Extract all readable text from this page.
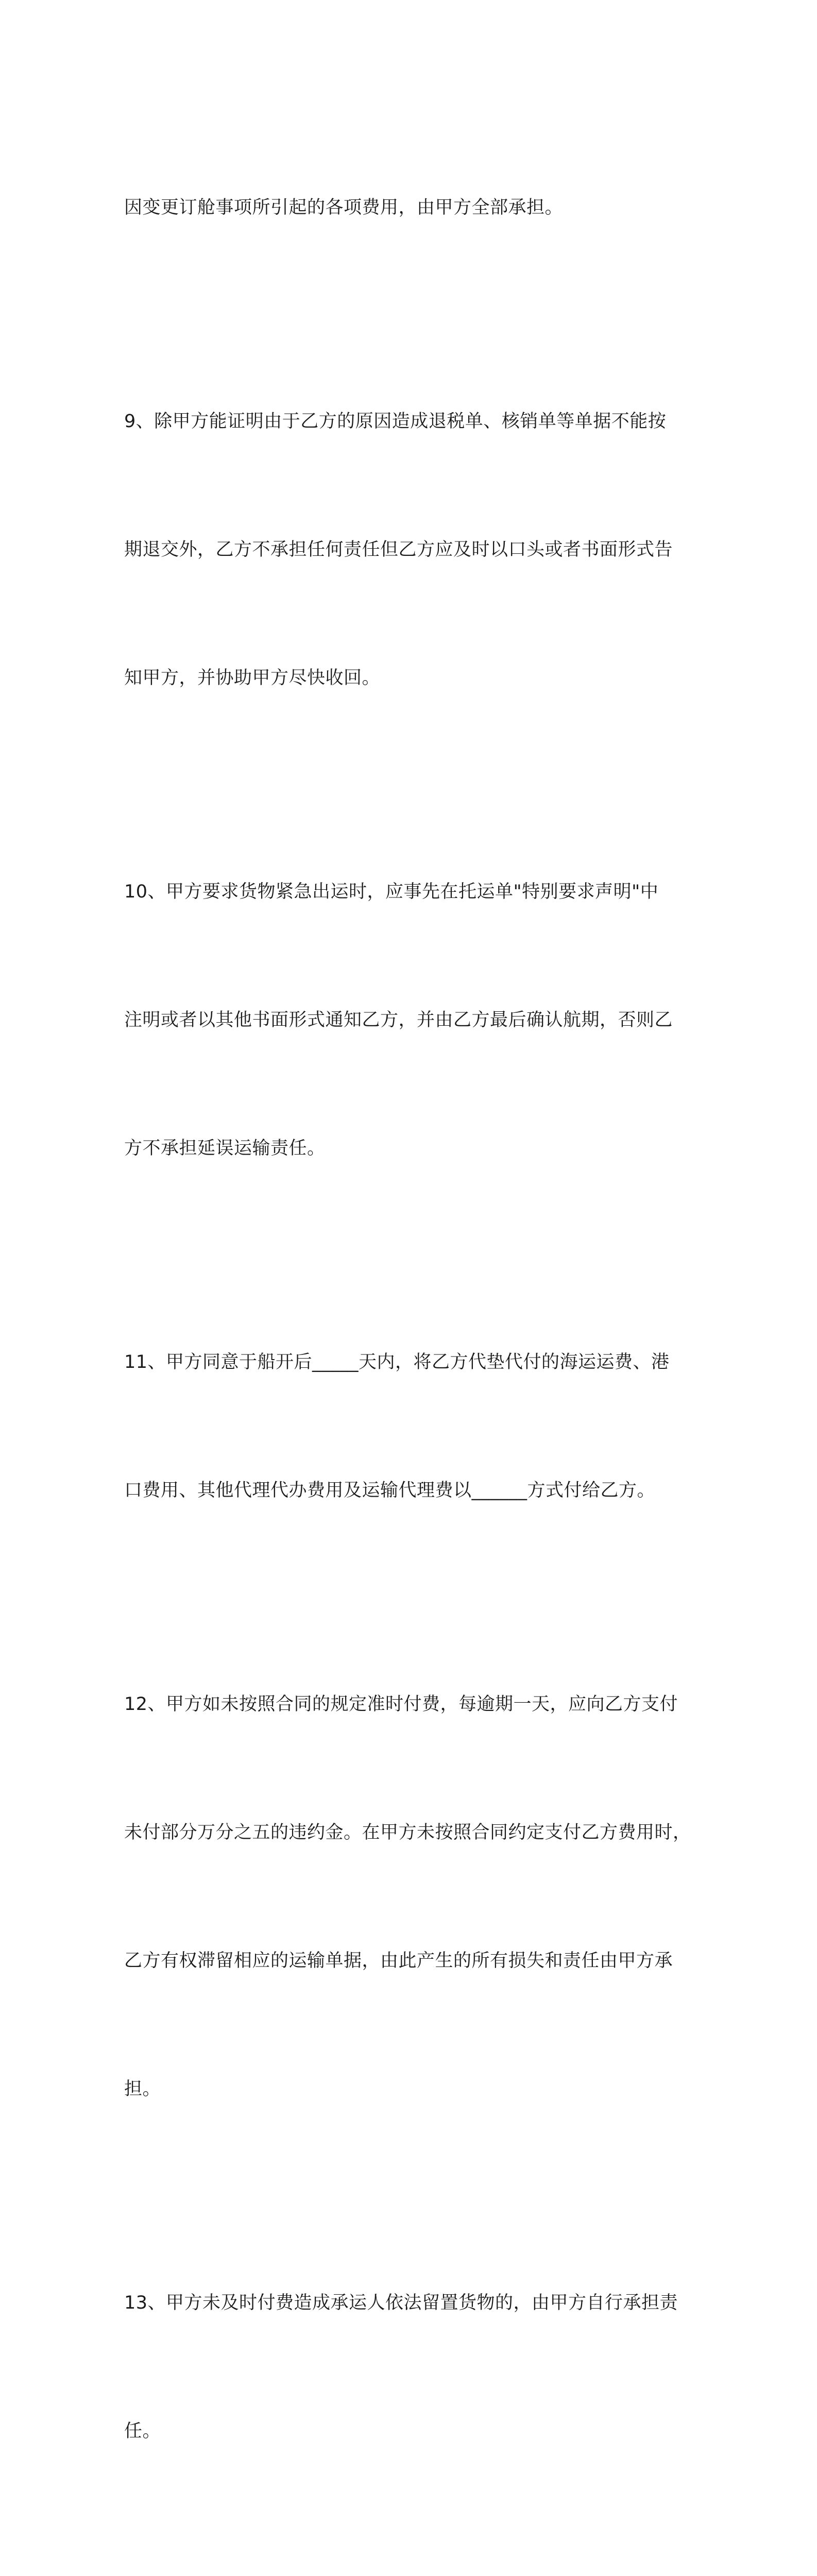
因变更订舱事项所引起的各项费用，由甲方全部承担。

9、除甲方能证明由于乙方的原因造成退税单、核销单等单据不能按

期退交外，乙方不承担任何责任但乙方应及时以口头或者书面形式告

知甲方，并协助甲方尽快收回。

10、甲方要求货物紧急出运时，应事先在托运单"特别要求声明"中

注明或者以其他书面形式通知乙方，并由乙方最后确认航期，否则乙

方不承担延误运输责任。

11、甲方同意于船开后_____天内，将乙方代垫代付的海运运费、港

口费用、其他代理代办费用及运输代理费以______方式付给乙方。

12、甲方如未按照合同的规定准时付费，每逾期一天，应向乙方支付

未付部分万分之五的违约金。在甲方未按照合同约定支付乙方费用时，

乙方有权滞留相应的运输单据，由此产生的所有损失和责任由甲方承

担。

13、甲方未及时付费造成承运人依法留置货物的，由甲方自行承担责

任。
